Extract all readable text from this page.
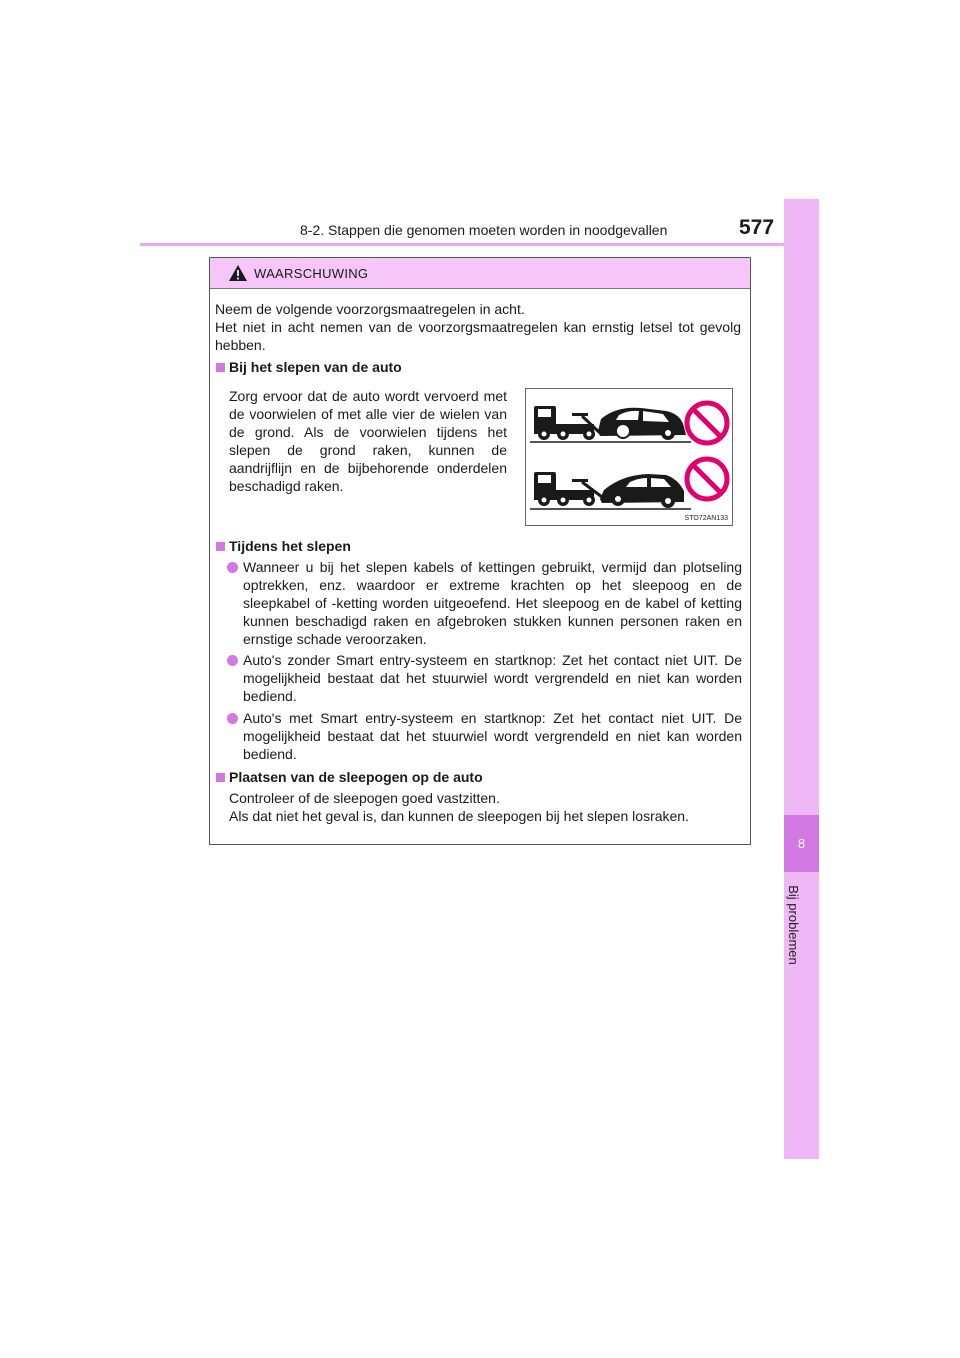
8-2. Stappen die genomen moeten worden in noodgevallen	577
8
Bij problemen
WAARSCHUWING
Neem de volgende voorzorgsmaatregelen in acht.
Het niet in acht nemen van de voorzorgsmaatregelen kan ernstig letsel tot gevolg hebben.
Bij het slepen van de auto
Zorg ervoor dat de auto wordt vervoerd met de voorwielen of met alle vier de wielen van de grond. Als de voorwielen tijdens het slepen de grond raken, kunnen de aandrijflijn en de bijbehorende onderdelen beschadigd raken.
STO72AN133
Tijdens het slepen
Wanneer u bij het slepen kabels of kettingen gebruikt, vermijd dan plotseling optrekken, enz. waardoor er extreme krachten op het sleepoog en de sleepkabel of -ketting worden uitgeoefend. Het sleepoog en de kabel of ketting kunnen beschadigd raken en afgebroken stukken kunnen personen raken en ernstige schade veroorzaken.
Auto's zonder Smart entry-systeem en startknop: Zet het contact niet UIT. De mogelijkheid bestaat dat het stuurwiel wordt vergrendeld en niet kan worden bediend.
Auto's met Smart entry-systeem en startknop: Zet het contact niet UIT. De mogelijkheid bestaat dat het stuurwiel wordt vergrendeld en niet kan worden bediend.
Plaatsen van de sleepogen op de auto
Controleer of de sleepogen goed vastzitten.
Als dat niet het geval is, dan kunnen de sleepogen bij het slepen losraken.
